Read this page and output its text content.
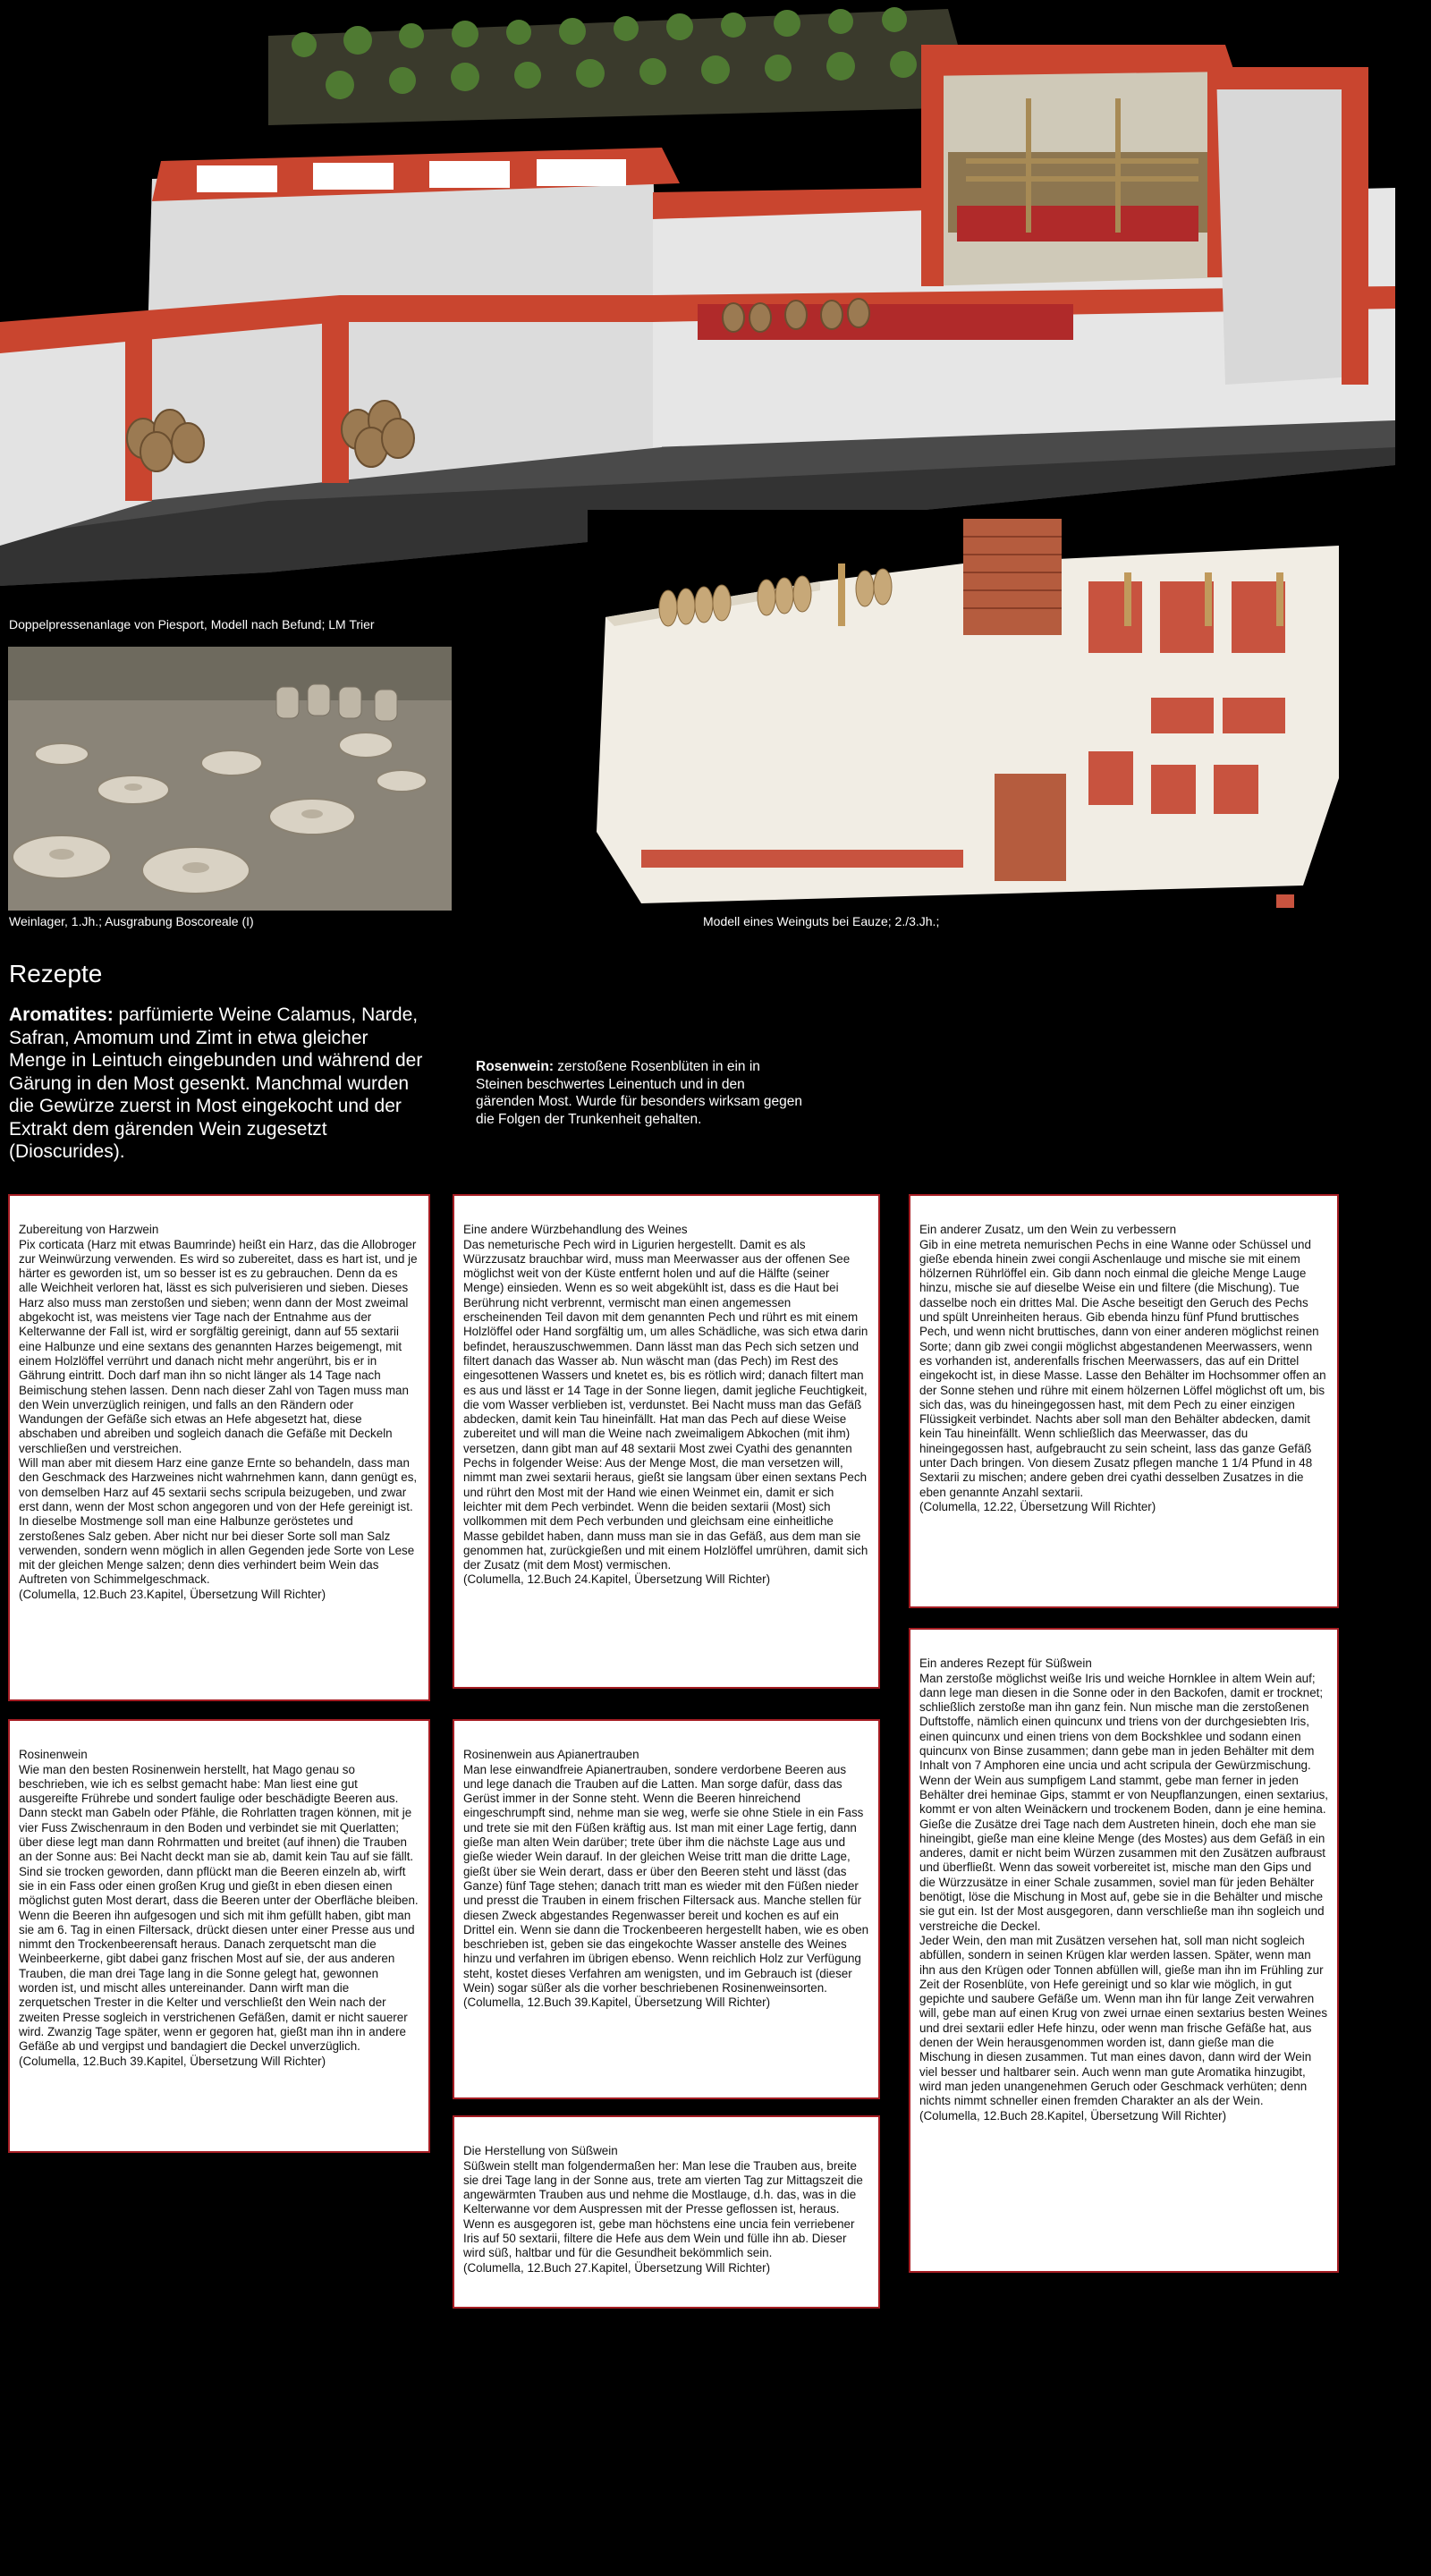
Doppelpressenanlage von Piesport, Modell nach Befund; LM Trier
Weinlager, 1.Jh.; Ausgrabung Boscoreale (I)	Modell eines Weinguts bei Eauze; 2./3.Jh.;
Rezepte
Aromatites: parfümierte Weine Calamus, Narde, Safran, Amomum und Zimt in etwa gleicher Menge in Leintuch eingebunden und während der Gärung in den Most gesenkt. Manchmal wurden die Gewürze zuerst in Most eingekocht und der Extrakt dem gärenden Wein zugesetzt (Dioscurides).
Rosenwein: zerstoßene Rosenblüten in ein in Steinen beschwertes Leinentuch und in den gärenden Most. Wurde für besonders wirksam gegen die Folgen der Trunkenheit gehalten.

Zubereitung von Harzwein
Pix corticata (Harz mit etwas Baumrinde) heißt ein Harz, das die Allobroger zur Weinwürzung verwenden. Es wird so zubereitet, dass es hart ist, und je härter es geworden ist, um so besser ist es zu gebrauchen. Denn da es alle Weichheit verloren hat, lässt es sich pulverisieren und sieben. Dieses Harz also muss man zerstoßen und sieben; wenn dann der Most zweimal abgekocht ist, was meistens vier Tage nach der Entnahme aus der Kelterwanne der Fall ist, wird er sorgfältig gereinigt, dann auf 55 sextarii eine Halbunze und eine sextans des genannten Harzes beigemengt, mit einem Holzlöffel verrührt und danach nicht mehr angerührt, bis er in Gährung eintritt. Doch darf man ihn so nicht länger als 14 Tage nach Beimischung stehen lassen. Denn nach dieser Zahl von Tagen muss man den Wein unverzüglich reinigen, und falls an den Rändern oder Wandungen der Gefäße sich etwas an Hefe abgesetzt hat, diese abschaben und abreiben und sogleich danach die Gefäße mit Deckeln verschließen und verstreichen.
Will man aber mit diesem Harz eine ganze Ernte so behandeln, dass man den Geschmack des Harzweines nicht wahrnehmen kann, dann genügt es, von demselben Harz auf 45 sextarii sechs scripula beizugeben, und zwar erst dann, wenn der Most schon angegoren und von der Hefe gereinigt ist. In dieselbe Mostmenge soll man eine Halbunze geröstetes und zerstoßenes Salz geben. Aber nicht nur bei dieser Sorte soll man Salz verwenden, sondern wenn möglich in allen Gegenden jede Sorte von Lese mit der gleichen Menge salzen; denn dies verhindert beim Wein das Auftreten von Schimmelgeschmack.

(Columella, 12.Buch 23.Kapitel, Übersetzung Will Richter)

Eine andere Würzbehandlung des Weines
Das nemeturische Pech wird in Ligurien hergestellt. Damit es als Würzzusatz brauchbar wird, muss man Meerwasser aus der offenen See möglichst weit von der Küste entfernt holen und auf die Hälfte (seiner Menge) einsieden. Wenn es so weit abgekühlt ist, dass es die Haut bei Berührung nicht verbrennt, vermischt man einen angemessen erscheinenden Teil davon mit dem genannten Pech und rührt es mit einem Holzlöffel oder Hand sorgfältig um, um alles Schädliche, was sich etwa darin befindet, herauszuschwemmen. Dann lässt man das Pech sich setzen und filtert danach das Wasser ab. Nun wäscht man (das Pech) im Rest des eingesottenen Wassers und knetet es, bis es rötlich wird; danach filtert man es aus und lässt er 14 Tage in der Sonne liegen, damit jegliche Feuchtigkeit, die vom Wasser verblieben ist, verdunstet. Bei Nacht muss man das Gefäß abdecken, damit kein Tau hineinfällt. Hat man das Pech auf diese Weise zubereitet und will man die Weine nach zweimaligem Abkochen (mit ihm) versetzen, dann gibt man auf 48 sextarii Most zwei Cyathi des genannten Pechs in folgender Weise: Aus der Menge Most, die man versetzen will, nimmt man zwei sextarii heraus, gießt sie langsam über einen sextans Pech und rührt den Most mit der Hand wie einen Weinmet ein, damit er sich leichter mit dem Pech verbindet. Wenn die beiden sextarii (Most) sich vollkommen mit dem Pech verbunden und gleichsam eine einheitliche Masse gebildet haben, dann muss man sie in das Gefäß, aus dem man sie genommen hat, zurückgießen und mit einem Holzlöffel umrühren, damit sich der Zusatz (mit dem Most) vermischen.

(Columella, 12.Buch 24.Kapitel, Übersetzung Will Richter)

Ein anderer Zusatz, um den Wein zu verbessern
Gib in eine metreta nemurischen Pechs in eine Wanne oder Schüssel und gieße ebenda hinein zwei congii Aschenlauge und mische sie mit einem hölzernen Rührlöffel ein. Gib dann noch einmal die gleiche Menge Lauge hinzu, mische sie auf dieselbe Weise ein und filtere (die Mischung). Tue dasselbe noch ein drittes Mal. Die Asche beseitigt den Geruch des Pechs und spült Unreinheiten heraus. Gib ebenda hinzu fünf Pfund bruttisches Pech, und wenn nicht bruttisches, dann von einer anderen möglichst reinen Sorte; dann gib zwei congii möglichst abgestandenen Meerwassers, wenn es vorhanden ist, anderenfalls frischen Meerwassers, das auf ein Drittel eingekocht ist, in diese Masse. Lasse den Behälter im Hochsommer offen an der Sonne stehen und rühre mit einem hölzernen Löffel möglichst oft um, bis sich das, was du hineingegossen hast, mit dem Pech zu einer einzigen Flüssigkeit verbindet. Nachts aber soll man den Behälter abdecken, damit kein Tau hineinfällt. Wenn schließlich das Meerwasser, das du hineingegossen hast, aufgebraucht zu sein scheint, lass das ganze Gefäß unter Dach bringen. Von diesem Zusatz pflegen manche 1 1/4 Pfund in 48 Sextarii zu mischen; andere geben drei cyathi desselben Zusatzes in die eben genannte Anzahl sextarii.

(Columella, 12.22, Übersetzung Will Richter)

Ein anderes Rezept für Süßwein
Man zerstoße möglichst weiße Iris und weiche Hornklee in altem Wein auf; dann lege man diesen in die Sonne oder in den Backofen, damit er trocknet; schließlich zerstoße man ihn ganz fein. Nun mische man die zerstoßenen Duftstoffe, nämlich einen quincunx und triens von der durchgesiebten Iris, einen quincunx und einen triens von dem Bockshklee und sodann einen quincunx von Binse zusammen; dann gebe man in jeden Behälter mit dem Inhalt von 7 Amphoren eine uncia und acht scripula der Gewürzmischung. Wenn der Wein aus sumpfigem Land stammt, gebe man ferner in jeden Behälter drei heminae Gips, stammt er von Neupflanzungen, einen sextarius, kommt er von alten Weinäckern und trockenem Boden, dann je eine hemina. Gieße die Zusätze drei Tage nach dem Austreten hinein, doch ehe man sie hineingibt, gieße man eine kleine Menge (des Mostes) aus dem Gefäß in ein anderes, damit er nicht beim Würzen zusammen mit den Zusätzen aufbraust und überfließt. Wenn das soweit vorbereitet ist, mische man den Gips und die Würzzusätze in einer Schale zusammen, soviel man für jeden Behälter benötigt, löse die Mischung in Most auf, gebe sie in die Behälter und mische sie gut ein. Ist der Most ausgegoren, dann verschließe man ihn sogleich und verstreiche die Deckel.
Jeder Wein, den man mit Zusätzen versehen hat, soll man nicht sogleich abfüllen, sondern in seinen Krügen klar werden lassen. Später, wenn man ihn aus den Krügen oder Tonnen abfüllen will, gieße man ihn im Frühling zur Zeit der Rosenblüte, von Hefe gereinigt und so klar wie möglich, in gut gepichte und saubere Gefäße um. Wenn man ihn für lange Zeit verwahren will, gebe man auf einen Krug von zwei urnae einen sextarius besten Weines und drei sextarii edler Hefe hinzu, oder wenn man frische Gefäße hat, aus denen der Wein herausgenommen worden ist, dann gieße man die Mischung in diesen zusammen. Tut man eines davon, dann wird der Wein viel besser und haltbarer sein. Auch wenn man gute Aromatika hinzugibt, wird man jeden unangenehmen Geruch oder Geschmack verhüten; denn nichts nimmt schneller einen fremden Charakter an als der Wein.

(Columella, 12.Buch 28.Kapitel, Übersetzung Will Richter)

Rosinenwein
Wie man den besten Rosinenwein herstellt, hat Mago genau so beschrieben, wie ich es selbst gemacht habe: Man liest eine gut ausgereifte Frührebe und sondert faulige oder beschädigte Beeren aus. Dann steckt man Gabeln oder Pfähle, die Rohrlatten tragen können, mit je vier Fuss Zwischenraum in den Boden und verbindet sie mit Querlatten; über diese legt man dann Rohrmatten und breitet (auf ihnen) die Trauben an der Sonne aus: Bei Nacht deckt man sie ab, damit kein Tau auf sie fällt. Sind sie trocken geworden, dann pflückt man die Beeren einzeln ab, wirft sie in ein Fass oder einen großen Krug und gießt in eben diesen einen möglichst guten Most derart, dass die Beeren unter der Oberfläche bleiben. Wenn die Beeren ihn aufgesogen und sich mit ihm gefüllt haben, gibt man sie am 6. Tag in einen Filtersack, drückt diesen unter einer Presse aus und nimmt den Trockenbeerensaft heraus. Danach zerquetscht man die Weinbeerkerne, gibt dabei ganz frischen Most auf sie, der aus anderen Trauben, die man drei Tage lang in die Sonne gelegt hat, gewonnen worden ist, und mischt alles untereinander. Dann wirft man die zerquetschen Trester in die Kelter und verschließt den Wein nach der zweiten Presse sogleich in verstrichenen Gefäßen, damit er nicht sauerer wird. Zwanzig Tage später, wenn er gegoren hat, gießt man ihn in andere Gefäße ab und vergipst und bandagiert die Deckel unverzüglich.

(Columella, 12.Buch 39.Kapitel, Übersetzung Will Richter)

Rosinenwein aus Apianertrauben
Man lese einwandfreie Apianertrauben, sondere verdorbene Beeren aus und lege danach die Trauben auf die Latten. Man sorge dafür, dass das Gerüst immer in der Sonne steht. Wenn die Beeren hinreichend eingeschrumpft sind, nehme man sie weg, werfe sie ohne Stiele in ein Fass und trete sie mit den Füßen kräftig aus. Ist man mit einer Lage fertig, dann gieße man alten Wein darüber; trete über ihm die nächste Lage aus und gieße wieder Wein darauf. In der gleichen Weise tritt man die dritte Lage, gießt über sie Wein derart, dass er über den Beeren steht und lässt (das Ganze) fünf Tage stehen; danach tritt man es wieder mit den Füßen nieder und presst die Trauben in einem frischen Filtersack aus. Manche stellen für diesen Zweck abgestandes Regenwasser bereit und kochen es auf ein Drittel ein. Wenn sie dann die Trockenbeeren hergestellt haben, wie es oben beschrieben ist, geben sie das eingekochte Wasser anstelle des Weines hinzu und verfahren im übrigen ebenso. Wenn reichlich Holz zur Verfügung steht, kostet dieses Verfahren am wenigsten, und im Gebrauch ist (dieser Wein) sogar süßer als die vorher beschriebenen Rosinenweinsorten.

(Columella, 12.Buch 39.Kapitel, Übersetzung Will Richter)

Die Herstellung von Süßwein
Süßwein stellt man folgendermaßen her: Man lese die Trauben aus, breite sie drei Tage lang in der Sonne aus, trete am vierten Tag zur Mittagszeit die angewärmten Trauben aus und nehme die Mostlauge, d.h. das, was in die Kelterwanne vor dem Auspressen mit der Presse geflossen ist, heraus. Wenn es ausgegoren ist, gebe man höchstens eine uncia fein verriebener Iris auf 50 sextarii, filtere die Hefe aus dem Wein und fülle ihn ab. Dieser wird süß, haltbar und für die Gesundheit bekömmlich sein.

(Columella, 12.Buch 27.Kapitel, Übersetzung Will Richter)
